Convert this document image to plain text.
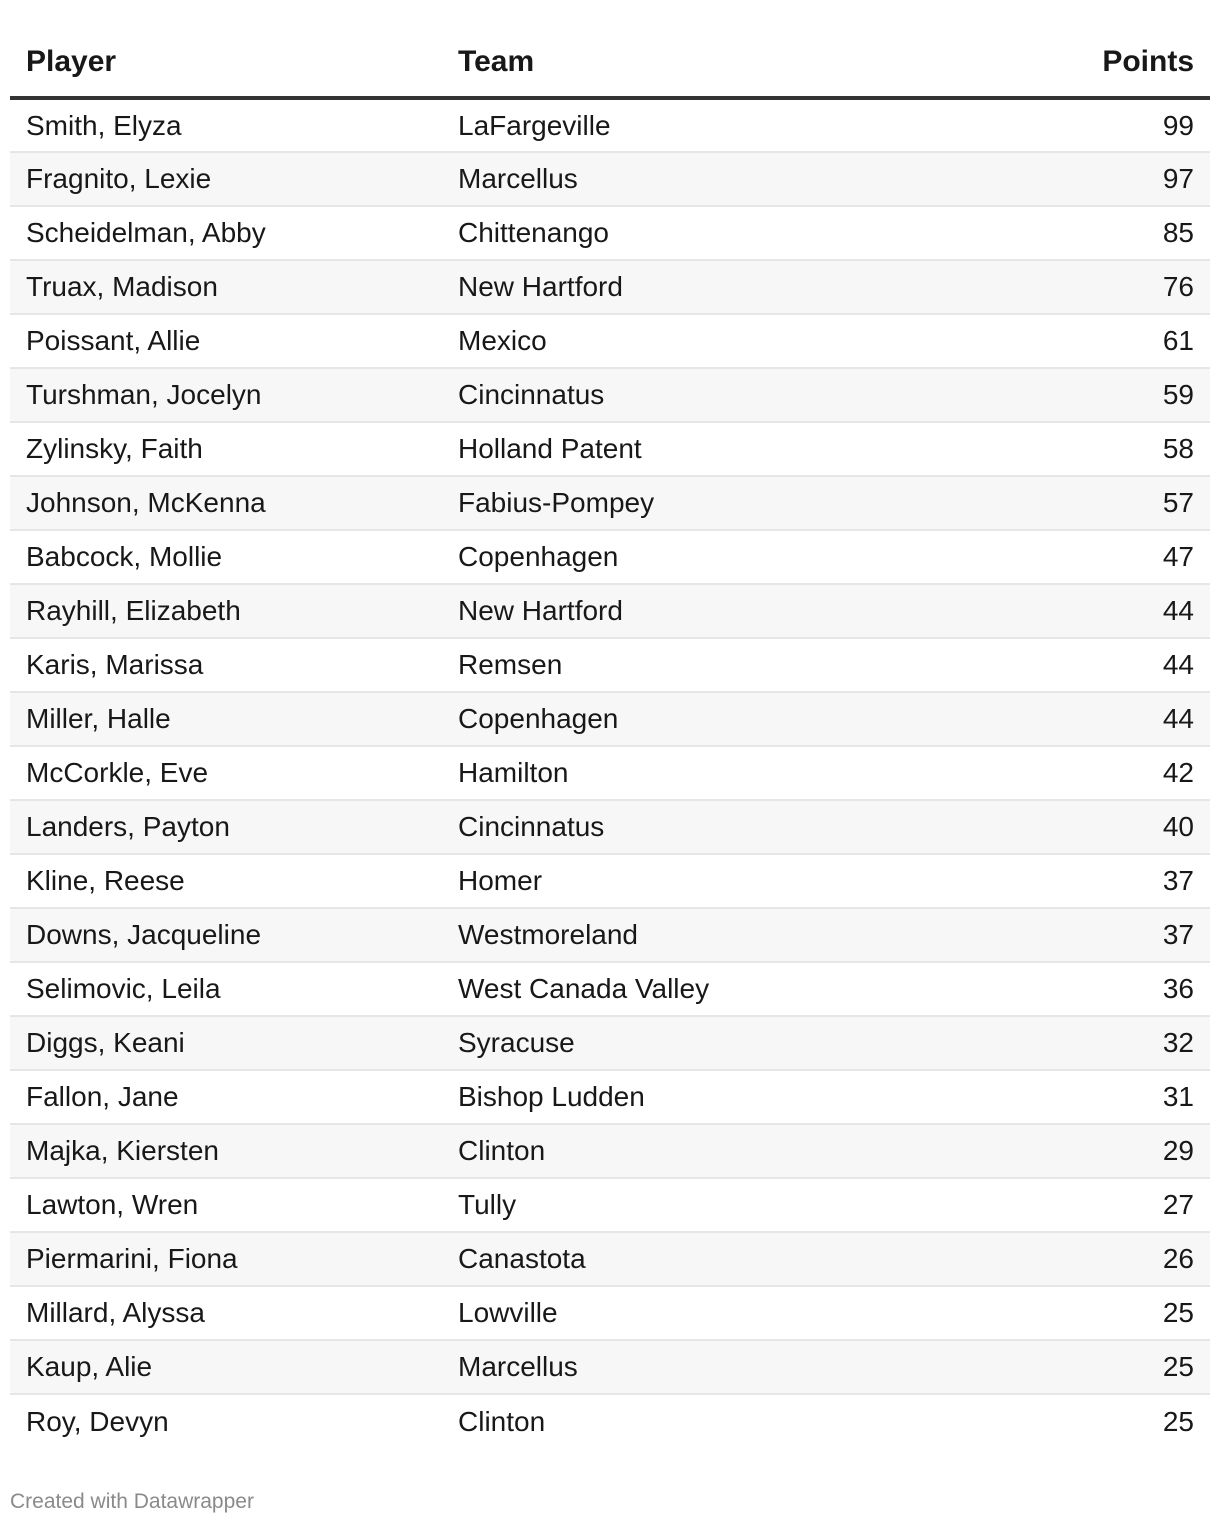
Player	Team	Points
Smith, Elyza	LaFargeville	99
Fragnito, Lexie	Marcellus	97
Scheidelman, Abby	Chittenango	85
Truax, Madison	New Hartford	76
Poissant, Allie	Mexico	61
Turshman, Jocelyn	Cincinnatus	59
Zylinsky, Faith	Holland Patent	58
Johnson, McKenna	Fabius-Pompey	57
Babcock, Mollie	Copenhagen	47
Rayhill, Elizabeth	New Hartford	44
Karis, Marissa	Remsen	44
Miller, Halle	Copenhagen	44
McCorkle, Eve	Hamilton	42
Landers, Payton	Cincinnatus	40
Kline, Reese	Homer	37
Downs, Jacqueline	Westmoreland	37
Selimovic, Leila	West Canada Valley	36
Diggs, Keani	Syracuse	32
Fallon, Jane	Bishop Ludden	31
Majka, Kiersten	Clinton	29
Lawton, Wren	Tully	27
Piermarini, Fiona	Canastota	26
Millard, Alyssa	Lowville	25
Kaup, Alie	Marcellus	25
Roy, Devyn	Clinton	25
Created with Datawrapper
